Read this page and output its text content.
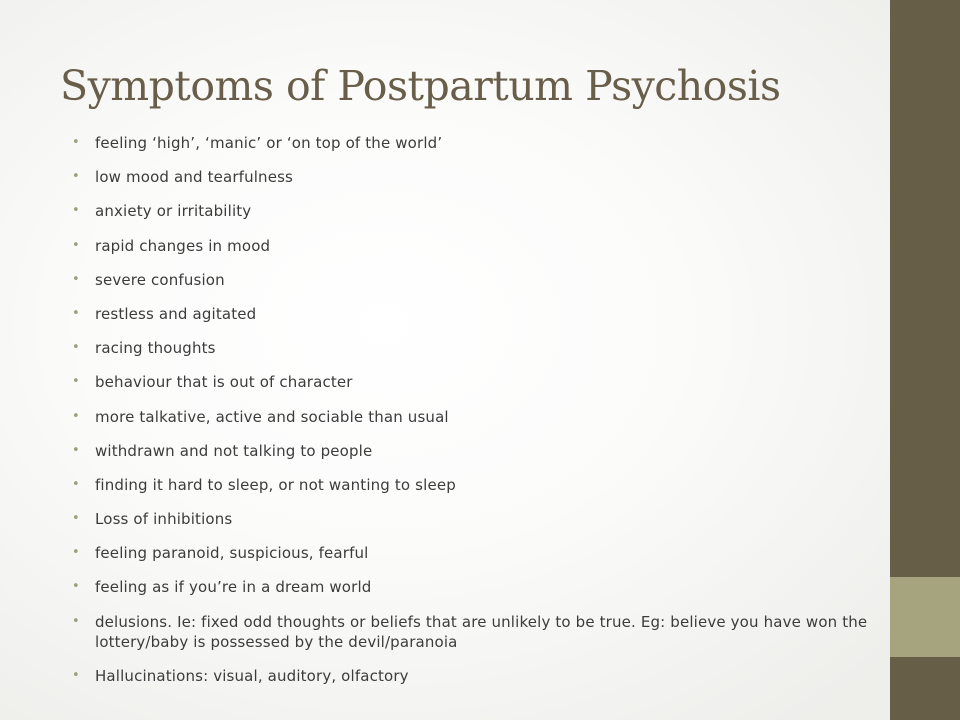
Symptoms of Postpartum Psychosis
• feeling ‘high’, ‘manic’ or ‘on top of the world’
• low mood and tearfulness
• anxiety or irritability
• rapid changes in mood
• severe confusion
• restless and agitated
• racing thoughts
• behaviour that is out of character
• more talkative, active and sociable than usual
• withdrawn and not talking to people
• finding it hard to sleep, or not wanting to sleep
• Loss of inhibitions
• feeling paranoid, suspicious, fearful
• feeling as if you’re in a dream world
• delusions. Ie: fixed odd thoughts or beliefs that are unlikely to be true. Eg: believe you have won the lottery/baby is possessed by the devil/paranoia
• Hallucinations: visual, auditory, olfactory
